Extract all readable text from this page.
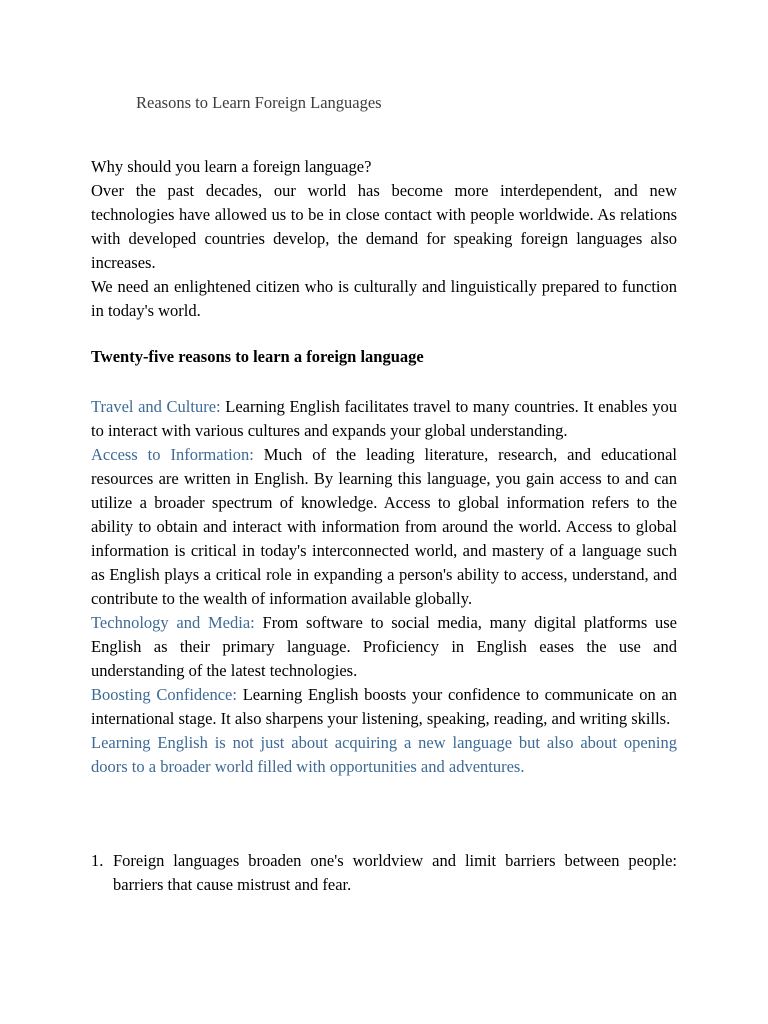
Reasons to Learn Foreign Languages

Why should you learn a foreign language?

Over the past decades, our world has become more interdependent, and new technologies have allowed us to be in close contact with people worldwide. As relations with developed countries develop, the demand for speaking foreign languages also increases.

We need an enlightened citizen who is culturally and linguistically prepared to function in today's world.

Twenty-five reasons to learn a foreign language

Travel and Culture: Learning English facilitates travel to many countries. It enables you to interact with various cultures and expands your global understanding.

Access to Information: Much of the leading literature, research, and educational resources are written in English. By learning this language, you gain access to and can utilize a broader spectrum of knowledge. Access to global information refers to the ability to obtain and interact with information from around the world. Access to global information is critical in today's interconnected world, and mastery of a language such as English plays a critical role in expanding a person's ability to access, understand, and contribute to the wealth of information available globally.

Technology and Media: From software to social media, many digital platforms use English as their primary language. Proficiency in English eases the use and understanding of the latest technologies.

Boosting Confidence: Learning English boosts your confidence to communicate on an international stage. It also sharpens your listening, speaking, reading, and writing skills.

Learning English is not just about acquiring a new language but also about opening doors to a broader world filled with opportunities and adventures.

1. Foreign languages broaden one's worldview and limit barriers between people: barriers that cause mistrust and fear.
